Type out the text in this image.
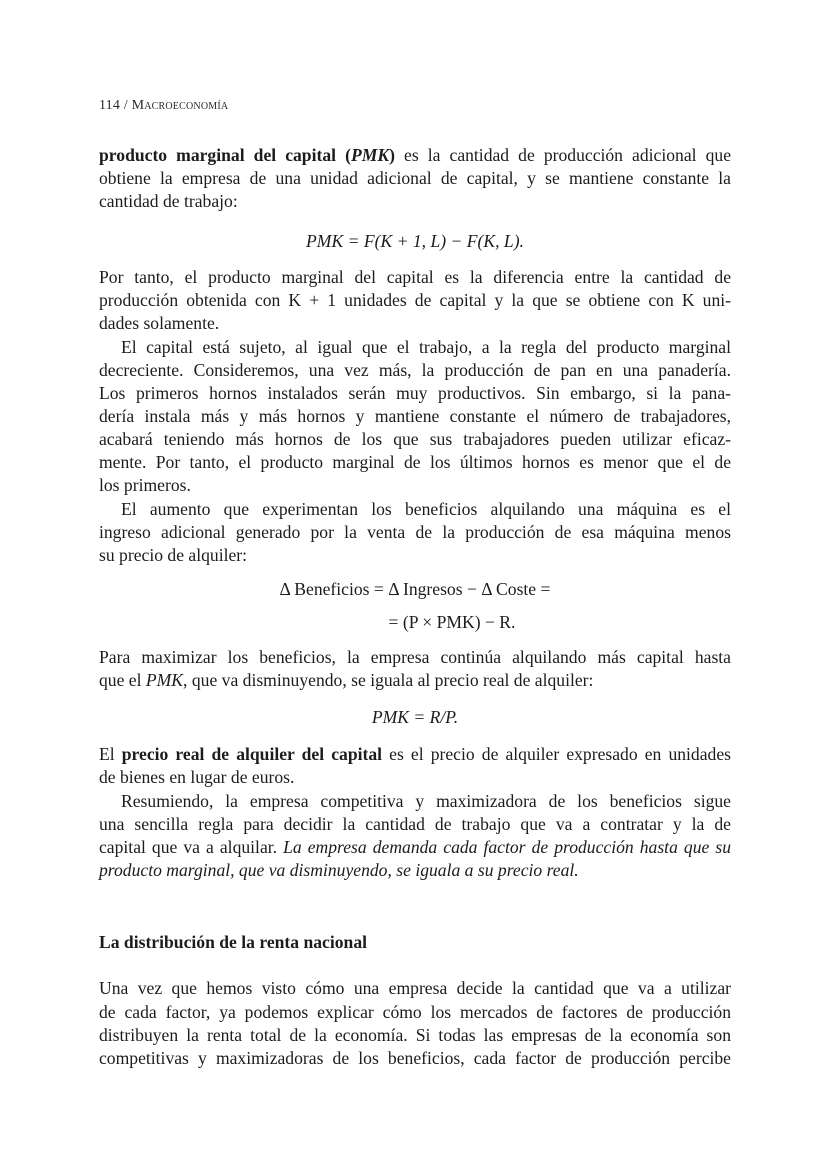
114 / Macroeconomía
producto marginal del capital (PMK) es la cantidad de producción adicional que
obtiene la empresa de una unidad adicional de capital, y se mantiene constante la
cantidad de trabajo:
PMK = F(K + 1, L) − F(K, L).
Por tanto, el producto marginal del capital es la diferencia entre la cantidad de
producción obtenida con K + 1 unidades de capital y la que se obtiene con K uni-
dades solamente.
El capital está sujeto, al igual que el trabajo, a la regla del producto marginal
decreciente. Consideremos, una vez más, la producción de pan en una panadería.
Los primeros hornos instalados serán muy productivos. Sin embargo, si la pana-
dería instala más y más hornos y mantiene constante el número de trabajadores,
acabará teniendo más hornos de los que sus trabajadores pueden utilizar eficaz-
mente. Por tanto, el producto marginal de los últimos hornos es menor que el de
los primeros.
El aumento que experimentan los beneficios alquilando una máquina es el
ingreso adicional generado por la venta de la producción de esa máquina menos
su precio de alquiler:
Δ Beneficios = Δ Ingresos − Δ Coste =
= (P × PMK) − R.
Para maximizar los beneficios, la empresa continúa alquilando más capital hasta
que el PMK, que va disminuyendo, se iguala al precio real de alquiler:
PMK = R/P.
El precio real de alquiler del capital es el precio de alquiler expresado en unidades
de bienes en lugar de euros.
Resumiendo, la empresa competitiva y maximizadora de los beneficios sigue
una sencilla regla para decidir la cantidad de trabajo que va a contratar y la de
capital que va a alquilar. La empresa demanda cada factor de producción hasta que su
producto marginal, que va disminuyendo, se iguala a su precio real.
La distribución de la renta nacional
Una vez que hemos visto cómo una empresa decide la cantidad que va a utilizar
de cada factor, ya podemos explicar cómo los mercados de factores de producción
distribuyen la renta total de la economía. Si todas las empresas de la economía son
competitivas y maximizadoras de los beneficios, cada factor de producción percibe
